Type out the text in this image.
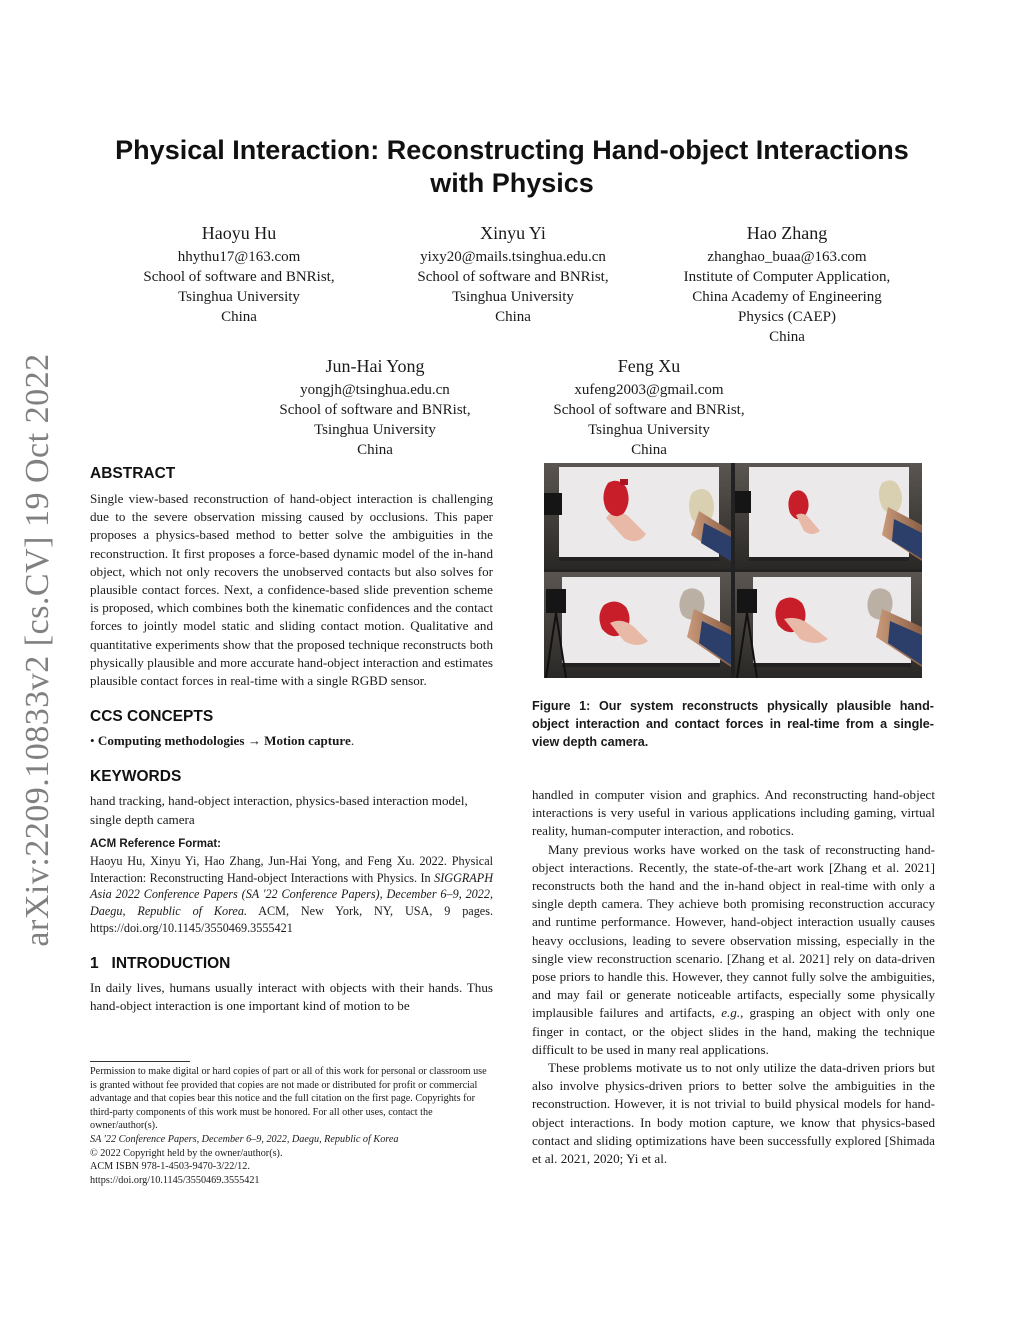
arXiv:2209.10833v2 [cs.CV] 19 Oct 2022
Physical Interaction: Reconstructing Hand-object Interactions
with Physics
Haoyu Hu
hhythu17@163.com
School of software and BNRist,
Tsinghua University
China
Xinyu Yi
yixy20@mails.tsinghua.edu.cn
School of software and BNRist,
Tsinghua University
China
Hao Zhang
zhanghao_buaa@163.com
Institute of Computer Application,
China Academy of Engineering
Physics (CAEP)
China
Jun-Hai Yong
yongjh@tsinghua.edu.cn
School of software and BNRist,
Tsinghua University
China
Feng Xu
xufeng2003@gmail.com
School of software and BNRist,
Tsinghua University
China
ABSTRACT

Single view-based reconstruction of hand-object interaction is challenging due to the severe observation missing caused by occlusions. This paper proposes a physics-based method to better solve the ambiguities in the reconstruction. It first proposes a force-based dynamic model of the in-hand object, which not only recovers the unobserved contacts but also solves for plausible contact forces. Next, a confidence-based slide prevention scheme is proposed, which combines both the kinematic confidences and the contact forces to jointly model static and sliding contact motion. Qualitative and quantitative experiments show that the proposed technique reconstructs both physically plausible and more accurate hand-object interaction and estimates plausible contact forces in real-time with a single RGBD sensor.

CCS CONCEPTS

• Computing methodologies → Motion capture.

KEYWORDS

hand tracking, hand-object interaction, physics-based interaction model, single depth camera

ACM Reference Format:

Haoyu Hu, Xinyu Yi, Hao Zhang, Jun-Hai Yong, and Feng Xu. 2022. Physical Interaction: Reconstructing Hand-object Interactions with Physics. In SIGGRAPH Asia 2022 Conference Papers (SA '22 Conference Papers), December 6–9, 2022, Daegu, Republic of Korea. ACM, New York, NY, USA, 9 pages. https://doi.org/10.1145/3550469.3555421

1 INTRODUCTION

In daily lives, humans usually interact with objects with their hands. Thus hand-object interaction is one important kind of motion to be

Permission to make digital or hard copies of part or all of this work for personal or classroom use is granted without fee provided that copies are not made or distributed for profit or commercial advantage and that copies bear this notice and the full citation on the first page. Copyrights for third-party components of this work must be honored. For all other uses, contact the owner/author(s).

SA '22 Conference Papers, December 6–9, 2022, Daegu, Republic of Korea

© 2022 Copyright held by the owner/author(s).

ACM ISBN 978-1-4503-9470-3/22/12.

https://doi.org/10.1145/3550469.3555421

Figure 1: Our system reconstructs physically plausible hand-object interaction and contact forces in real-time from a single-view depth camera.

handled in computer vision and graphics. And reconstructing hand-object interactions is very useful in various applications including gaming, virtual reality, human-computer interaction, and robotics.

Many previous works have worked on the task of reconstructing hand-object interactions. Recently, the state-of-the-art work [Zhang et al. 2021] reconstructs both the hand and the in-hand object in real-time with only a single depth camera. They achieve both promising reconstruction accuracy and runtime performance. However, hand-object interaction usually causes heavy occlusions, leading to severe observation missing, especially in the single view reconstruction scenario. [Zhang et al. 2021] rely on data-driven pose priors to handle this. However, they cannot fully solve the ambiguities, and may fail or generate noticeable artifacts, especially some physically implausible failures and artifacts, e.g., grasping an object with only one finger in contact, or the object slides in the hand, making the technique difficult to be used in many real applications.

These problems motivate us to not only utilize the data-driven priors but also involve physics-driven priors to better solve the ambiguities in the reconstruction. However, it is not trivial to build physical models for hand-object interactions. In body motion capture, we know that physics-based contact and sliding optimizations have been successfully explored [Shimada et al. 2021, 2020; Yi et al.
